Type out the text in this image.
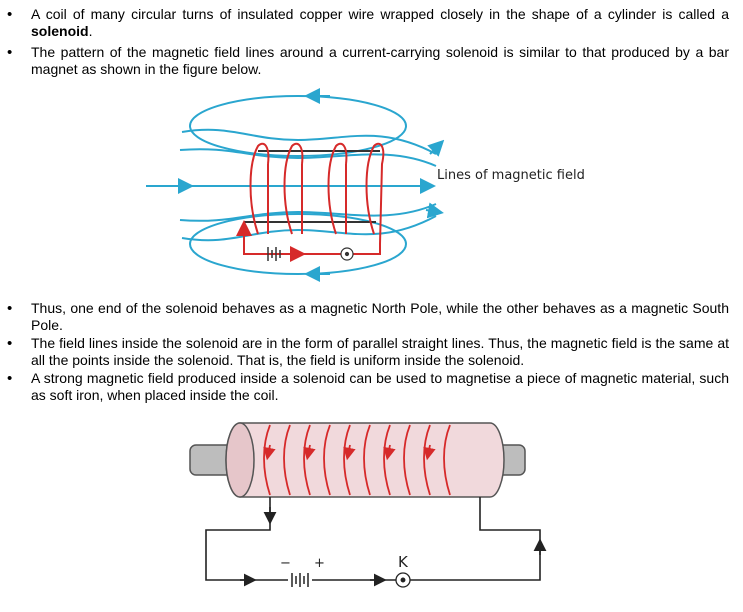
• A coil of many circular turns of insulated copper wire wrapped closely in the shape of a cylinder is called a solenoid.
• The pattern of the magnetic field lines around a current-carrying solenoid is similar to that produced by a bar magnet as shown in the figure below.
Lines of magnetic field
• Thus, one end of the solenoid behaves as a magnetic North Pole, while the other behaves as a magnetic South Pole.
• The field lines inside the solenoid are in the form of parallel straight lines. Thus, the magnetic field is the same at all the points inside the solenoid. That is, the field is uniform inside the solenoid.
• A strong magnetic field produced inside a solenoid can be used to magnetise a piece of magnetic material, such as soft iron, when placed inside the coil.
− +	K
